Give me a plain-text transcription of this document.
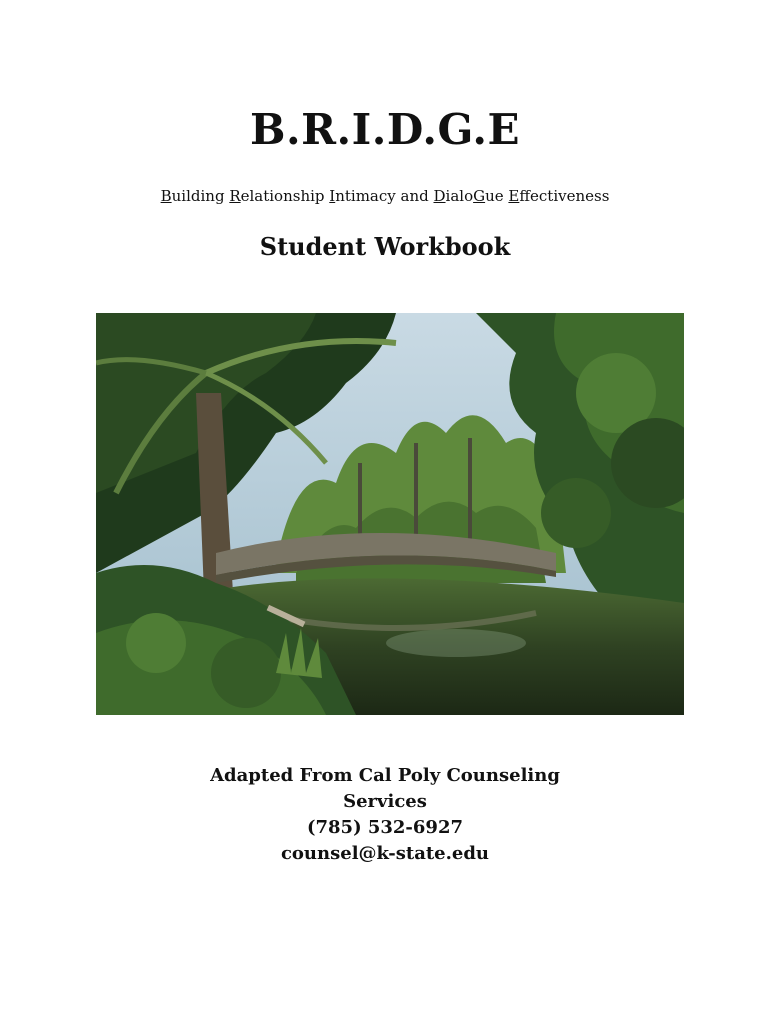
B.R.I.D.G.E
Building Relationship Intimacy and DialoGue Effectiveness
Student Workbook
Adapted From Cal Poly Counseling
Services
(785) 532-6927
counsel@k-state.edu
